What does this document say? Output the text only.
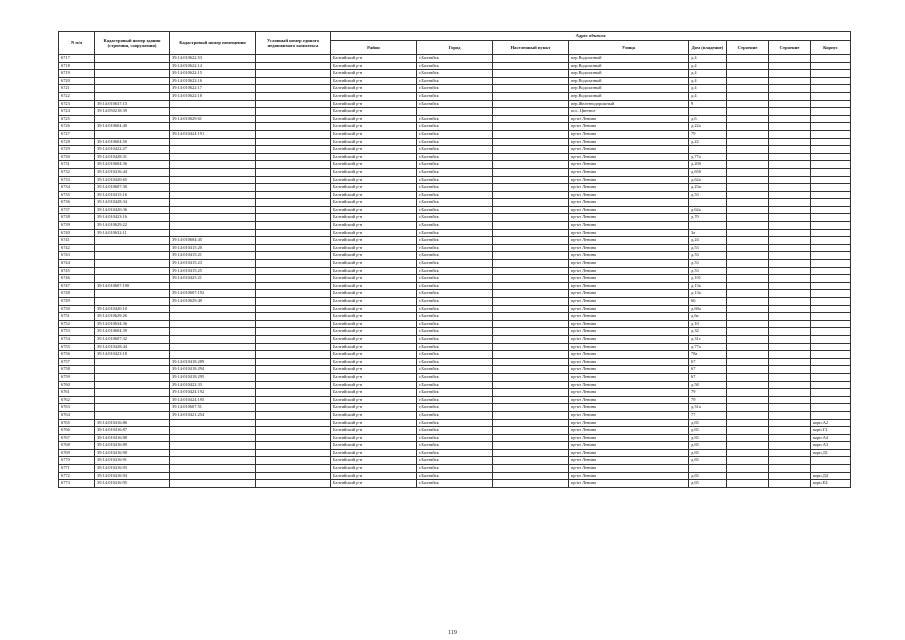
N п/п	Кадастровый номер здания (строения, сооружения)	Кадастровый номер помещения	Условный номер единого недвижимого комплекса	Адрес объекта							
				Район	Город	Населенный пункт	Улица	Дом (владение)	Строение	Строение	Корпус
6717		39:14:010622:53		Балтийский р-н	г.Балтийск		пер.Водолазный	д.4			
6718		39:14:010622:14		Балтийский р-н	г.Балтийск		пер.Водолазный	д.4			
6719		39:14:010622:15		Балтийский р-н	г.Балтийск		пер.Водолазный	д.4			
6720		39:14:010622:16		Балтийский р-н	г.Балтийск		пер.Водолазный	д.4			
6721		39:14:010622:17		Балтийский р-н	г.Балтийск		пер.Водолазный	д.4			
6722		39:14:010622:18		Балтийский р-н	г.Балтийск		пер.Водолазный	д.4			
6723	39:14:010637:13			Балтийский р-н	г.Балтийск		пер.Железнодорожный	9			
6724	39:14:050218:39			Балтийский р-н			пос. Цветное				
6725		39:14:010629:61		Балтийский р-н	г.Балтийск		пр-кт Ленина	д.6			
6726	39:14:010604:40			Балтийский р-н	г.Балтийск		пр-кт Ленина	д.22а			
6727		39:14:010424:191		Балтийский р-н	г.Балтийск		пр-кт Ленина	79			
6728	39:14:010604:50			Балтийский р-н	г.Балтийск		пр-кт Ленина	д.22			
6729	39:14:010422:27			Балтийский р-н	г.Балтийск		пр-кт Ленина				
6730	39:14:010428:31			Балтийский р-н	г.Балтийск		пр-кт Ленина	д.77а			
6731	39:14:010604:36			Балтийский р-н	г.Балтийск		пр-кт Ленина	д.20б			
6732	39:14:010416:44			Балтийский р-н	г.Балтийск		пр-кт Ленина	д.65б			
6733	39:14:010420:65			Балтийский р-н	г.Балтийск		пр-кт Ленина	д.62а			
6734	39:14:010607:30			Балтийский р-н	г.Балтийск		пр-кт Ленина	д.23а			
6735	39:14:010415:16			Балтийский р-н	г.Балтийск		пр-кт Ленина	д.53			
6736	39:14:010428:34			Балтийский р-н	г.Балтийск		пр-кт Ленина				
6737	39:14:010420:36			Балтийский р-н	г.Балтийск		пр-кт Ленина	д.62а			
6738	39:14:010423:16			Балтийский р-н	г.Балтийск		пр-кт Ленина	д.70			
6739	39:14:010629:22			Балтийский р-н	г.Балтийск		пр-кт Ленина				
6740	39:14:010632:11			Балтийский р-н	г.Балтийск		пр-кт Ленина	3а			
6741		39:14:010604:45		Балтийский р-н	г.Балтийск		пр-кт Ленина	д.24			
6742		39:14:010415:20		Балтийский р-н	г.Балтийск		пр-кт Ленина	д.53			
6743		39:14:010415:21		Балтийский р-н	г.Балтийск		пр-кт Ленина	д.53			
6744		39:14:010415:23		Балтийский р-н	г.Балтийск		пр-кт Ленина	д.53			
6745		39:14:010415:25		Балтийский р-н	г.Балтийск		пр-кт Ленина	д.53			
6746		39:14:010425:21		Балтийский р-н	г.Балтийск		пр-кт Ленина	д.101			
6747	39:14:010607:190			Балтийский р-н	г.Балтийск		пр-кт Ленина	д.13а			
6748		39:14:010607:192		Балтийский р-н	г.Балтийск		пр-кт Ленина	д.13а			
6749		39:14:010629:49		Балтийский р-н	г.Балтийск		пр-кт Ленина	66			
6750	39:14:010420:10			Балтийский р-н	г.Балтийск		пр-кт Ленина	д.68а			
6751	39:14:010629:26			Балтийский р-н	г.Балтийск		пр-кт Ленина	д.6а			
6752	39:14:010634:36			Балтийский р-н	г.Балтийск		пр-кт Ленина	д.10			
6753	39:14:010604:39			Балтийский р-н	г.Балтийск		пр-кт Ленина	д.32			
6754	39:14:010607:32			Балтийский р-н	г.Балтийск		пр-кт Ленина	д.31г			
6755	39:14:010428:44			Балтийский р-н	г.Балтийск		пр-кт Ленина	д.77а			
6756	39:14:010423:18			Балтийский р-н	г.Балтийск		пр-кт Ленина	78а			
6757		39:14:010418:289		Балтийский р-н	г.Балтийск		пр-кт Ленина	67			
6758		39:14:010418:294		Балтийский р-н	г.Балтийск		пр-кт Ленина	67			
6759		39:14:010418:295		Балтийский р-н	г.Балтийск		пр-кт Ленина	67			
6760		39:14:010422:33		Балтийский р-н	г.Балтийск		пр-кт Ленина	д.58			
6761		39:14:010424:192		Балтийский р-н	г.Балтийск		пр-кт Ленина	79			
6762		39:14:010424:195		Балтийский р-н	г.Балтийск		пр-кт Ленина	79			
6763		39:14:010607:51		Балтийский р-н	г.Балтийск		пр-кт Ленина	д.31а			
6764		39:14:010421:254		Балтийский р-н	г.Балтийск		пр-кт Ленина	77			
6765	39:14:010416:86			Балтийский р-н	г.Балтийск		пр-кт Ленина	д.65			корп.А2
6766	39:14:010416:87			Балтийский р-н	г.Балтийск		пр-кт Ленина	д.65			корп.Г2
6767	39:14:010416:88			Балтийский р-н	г.Балтийск		пр-кт Ленина	д.65			корп.А4
6768	39:14:010416:89			Балтийский р-н	г.Балтийск		пр-кт Ленина	д.65			корп.А3
6769	39:14:010416:90			Балтийский р-н	г.Балтийск		пр-кт Ленина	д.65			корп.Д1
6770	39:14:010416:91			Балтийский р-н	г.Балтийск		пр-кт Ленина	д.65			
6771	39:14:010416:93			Балтийский р-н	г.Балтийск		пр-кт Ленина				
6772	39:14:010416:94			Балтийский р-н	г.Балтийск		пр-кт Ленина	д.65			корп.Д4
6773	39:14:010416:95			Балтийский р-н	г.Балтийск		пр-кт Ленина	д.65			корп.Е4
119
